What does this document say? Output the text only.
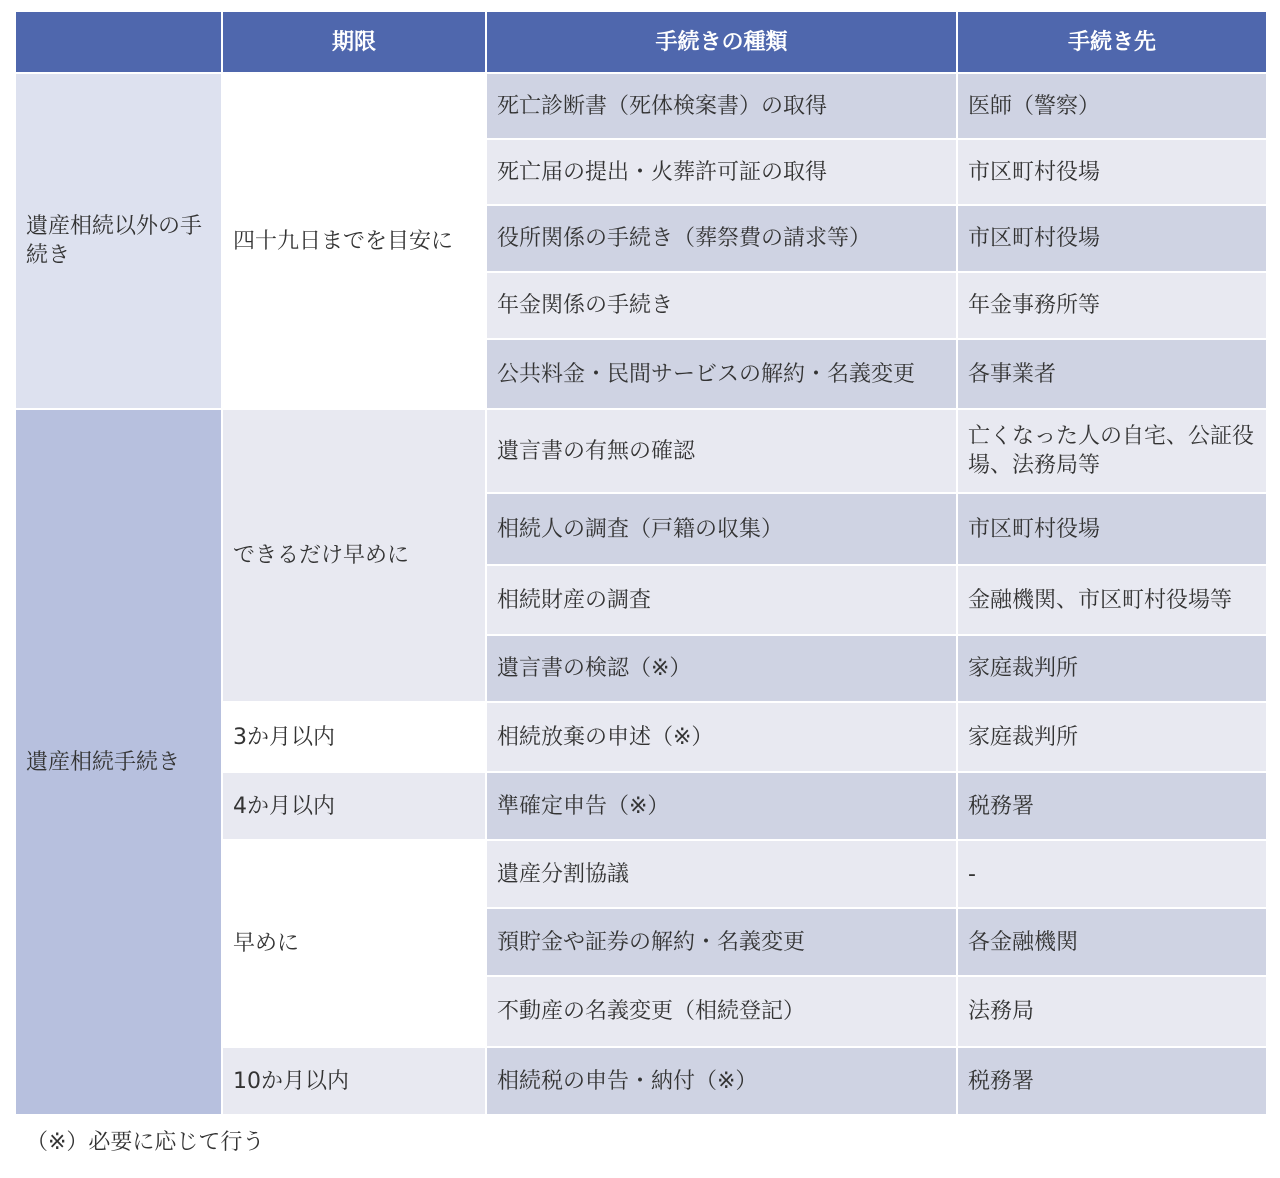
	期限	手続きの種類	手続き先
遺産相続以外の手続き	四十九日までを目安に	死亡診断書（死体検案書）の取得	医師（警察）
		死亡届の提出・火葬許可証の取得	市区町村役場
		役所関係の手続き（葬祭費の請求等）	市区町村役場
		年金関係の手続き	年金事務所等
		公共料金・民間サービスの解約・名義変更	各事業者
遺産相続手続き	できるだけ早めに	遺言書の有無の確認	亡くなった人の自宅、公証役場、法務局等
		相続人の調査（戸籍の収集）	市区町村役場
		相続財産の調査	金融機関、市区町村役場等
		遺言書の検認（※）	家庭裁判所
	3か月以内	相続放棄の申述（※）	家庭裁判所
	4か月以内	準確定申告（※）	税務署
	早めに	遺産分割協議	-
		預貯金や証券の解約・名義変更	各金融機関
		不動産の名義変更（相続登記）	法務局
	10か月以内	相続税の申告・納付（※）	税務署
（※）必要に応じて行う
